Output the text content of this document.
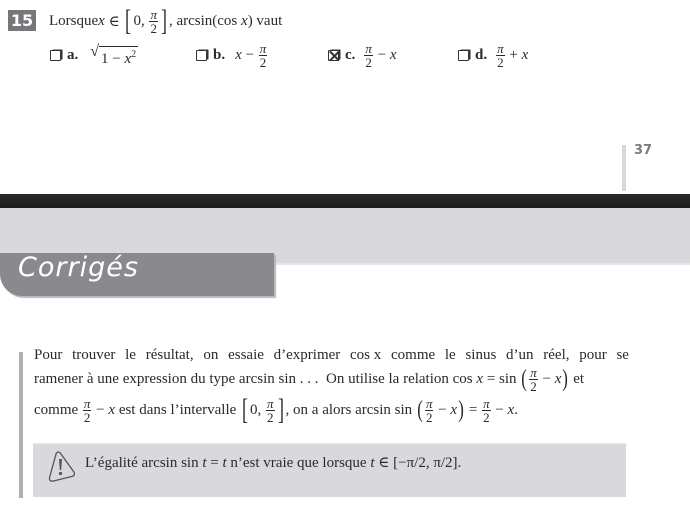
15 Lorsque x ∈ [ 0, $\frac{\pi}{2}$ ] , arcsin(cos x ) vaut
a. √ $1 - x^2$	b. $x - \frac{\pi}{2}$	c. $\frac{\pi}{2} - x$	d. $\frac{\pi}{2} + x$
37
Corrigés
Pour trouver le résultat, on essaie d’exprimer cos x comme le sinus d’un réel, pour se
ramener à une expression du type arcsin sin . . .  On utilise la relation cos x = sin ( $\frac{\pi}{2} - x$ ) et
comme $\frac{\pi}{2} - x$ est dans l’intervalle [ 0, $\frac{\pi}{2}$ ] , on a alors arcsin sin ( $\frac{\pi}{2} - x$ ) = $\frac{\pi}{2} - x$ .
L’égalité arcsin sin t = t n’est vraie que lorsque t ∈ [−π/2, π/2].
